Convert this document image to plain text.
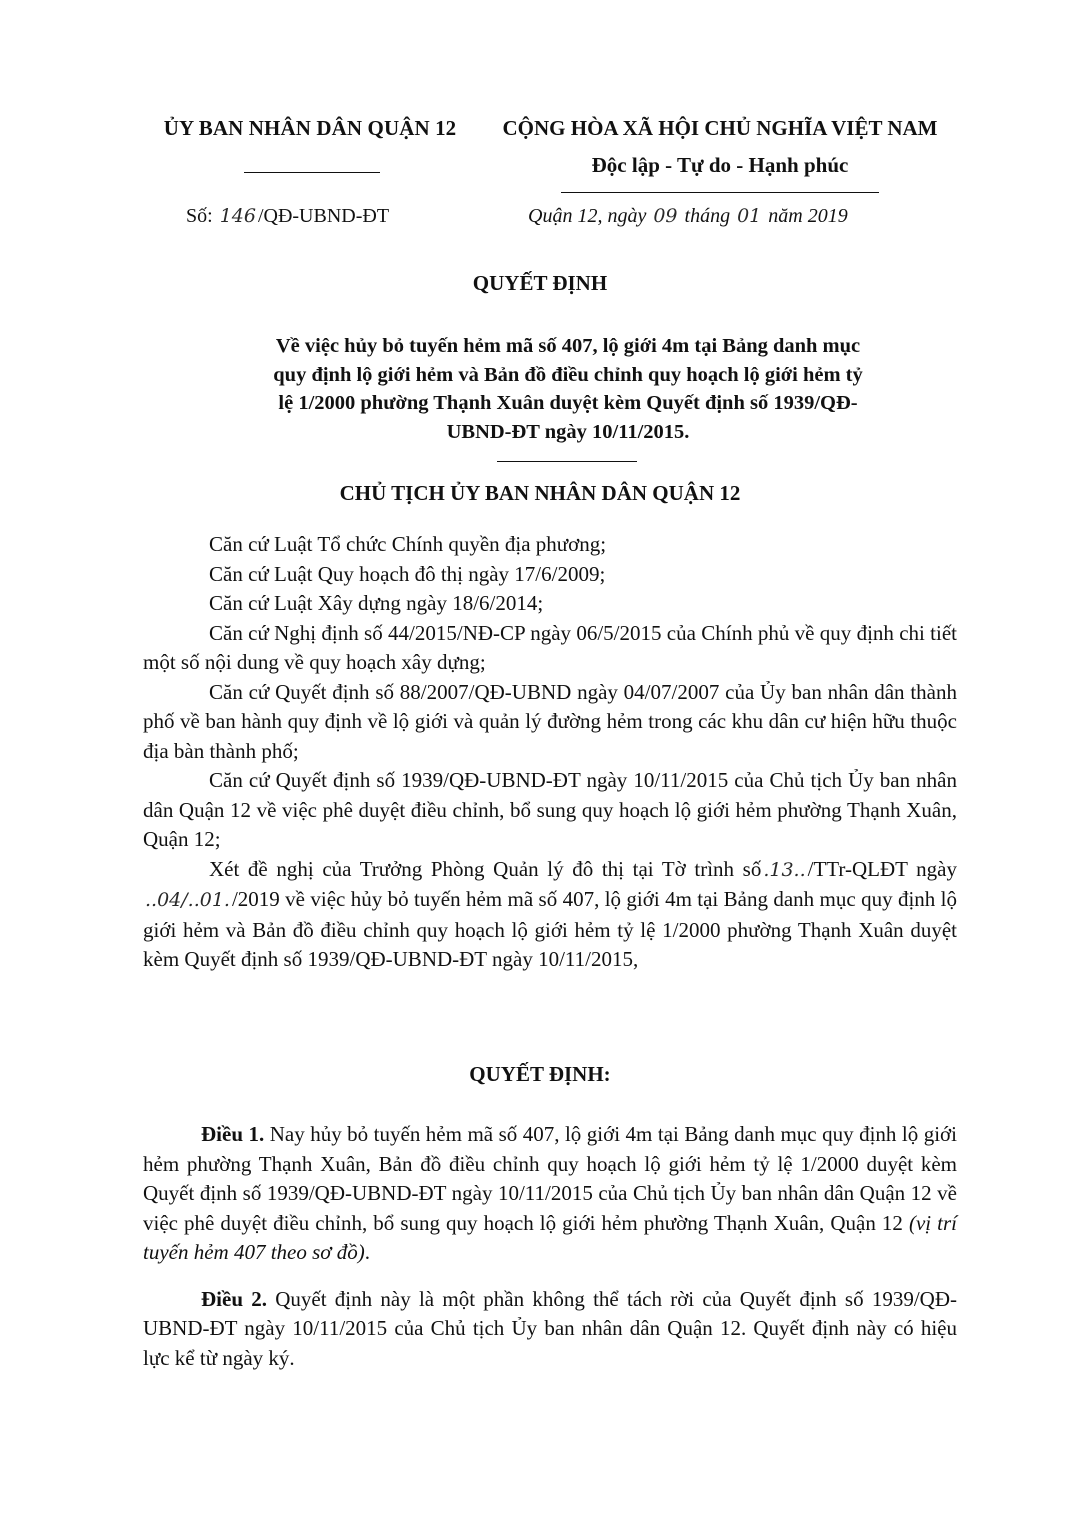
ỦY BAN NHÂN DÂN QUẬN 12	CỘNG HÒA XÃ HỘI CHỦ NGHĨA VIỆT NAM
Độc lập - Tự do - Hạnh phúc
Số: 146 /QĐ-UBND-ĐT	Quận 12, ngày 09 tháng 01 năm 2019
QUYẾT ĐỊNH
Về việc hủy bỏ tuyến hẻm mã số 407, lộ giới 4m tại Bảng danh mục
quy định lộ giới hẻm và Bản đồ điều chỉnh quy hoạch lộ giới hẻm tỷ
lệ 1/2000 phường Thạnh Xuân duyệt kèm Quyết định số 1939/QĐ-
UBND-ĐT ngày 10/11/2015.
CHỦ TỊCH ỦY BAN NHÂN DÂN QUẬN 12

Căn cứ Luật Tổ chức Chính quyền địa phương;

Căn cứ Luật Quy hoạch đô thị ngày 17/6/2009;

Căn cứ Luật Xây dựng ngày 18/6/2014;

Căn cứ Nghị định số 44/2015/NĐ-CP ngày 06/5/2015 của Chính phủ về quy định chi tiết một số nội dung về quy hoạch xây dựng;

Căn cứ Quyết định số 88/2007/QĐ-UBND ngày 04/07/2007 của Ủy ban nhân dân thành phố về ban hành quy định về lộ giới và quản lý đường hẻm trong các khu dân cư hiện hữu thuộc địa bàn thành phố;

Căn cứ Quyết định số 1939/QĐ-UBND-ĐT ngày 10/11/2015 của Chủ tịch Ủy ban nhân dân Quận 12 về việc phê duyệt điều chỉnh, bổ sung quy hoạch lộ giới hẻm phường Thạnh Xuân, Quận 12;

Xét đề nghị của Trưởng Phòng Quản lý đô thị tại Tờ trình số .13../TTr-QLĐT ngày ..04/..01./2019 về việc hủy bỏ tuyến hẻm mã số 407, lộ giới 4m tại Bảng danh mục quy định lộ giới hẻm và Bản đồ điều chỉnh quy hoạch lộ giới hẻm tỷ lệ 1/2000 phường Thạnh Xuân duyệt kèm Quyết định số 1939/QĐ-UBND-ĐT ngày 10/11/2015,

QUYẾT ĐỊNH:

Điều 1. Nay hủy bỏ tuyến hẻm mã số 407, lộ giới 4m tại Bảng danh mục quy định lộ giới hẻm phường Thạnh Xuân, Bản đồ điều chỉnh quy hoạch lộ giới hẻm tỷ lệ 1/2000 duyệt kèm Quyết định số 1939/QĐ-UBND-ĐT ngày 10/11/2015 của Chủ tịch Ủy ban nhân dân Quận 12 về việc phê duyệt điều chỉnh, bổ sung quy hoạch lộ giới hẻm phường Thạnh Xuân, Quận 12 (vị trí tuyến hẻm 407 theo sơ đồ).

Điều 2. Quyết định này là một phần không thể tách rời của Quyết định số 1939/QĐ-UBND-ĐT ngày 10/11/2015 của Chủ tịch Ủy ban nhân dân Quận 12. Quyết định này có hiệu lực kể từ ngày ký.
